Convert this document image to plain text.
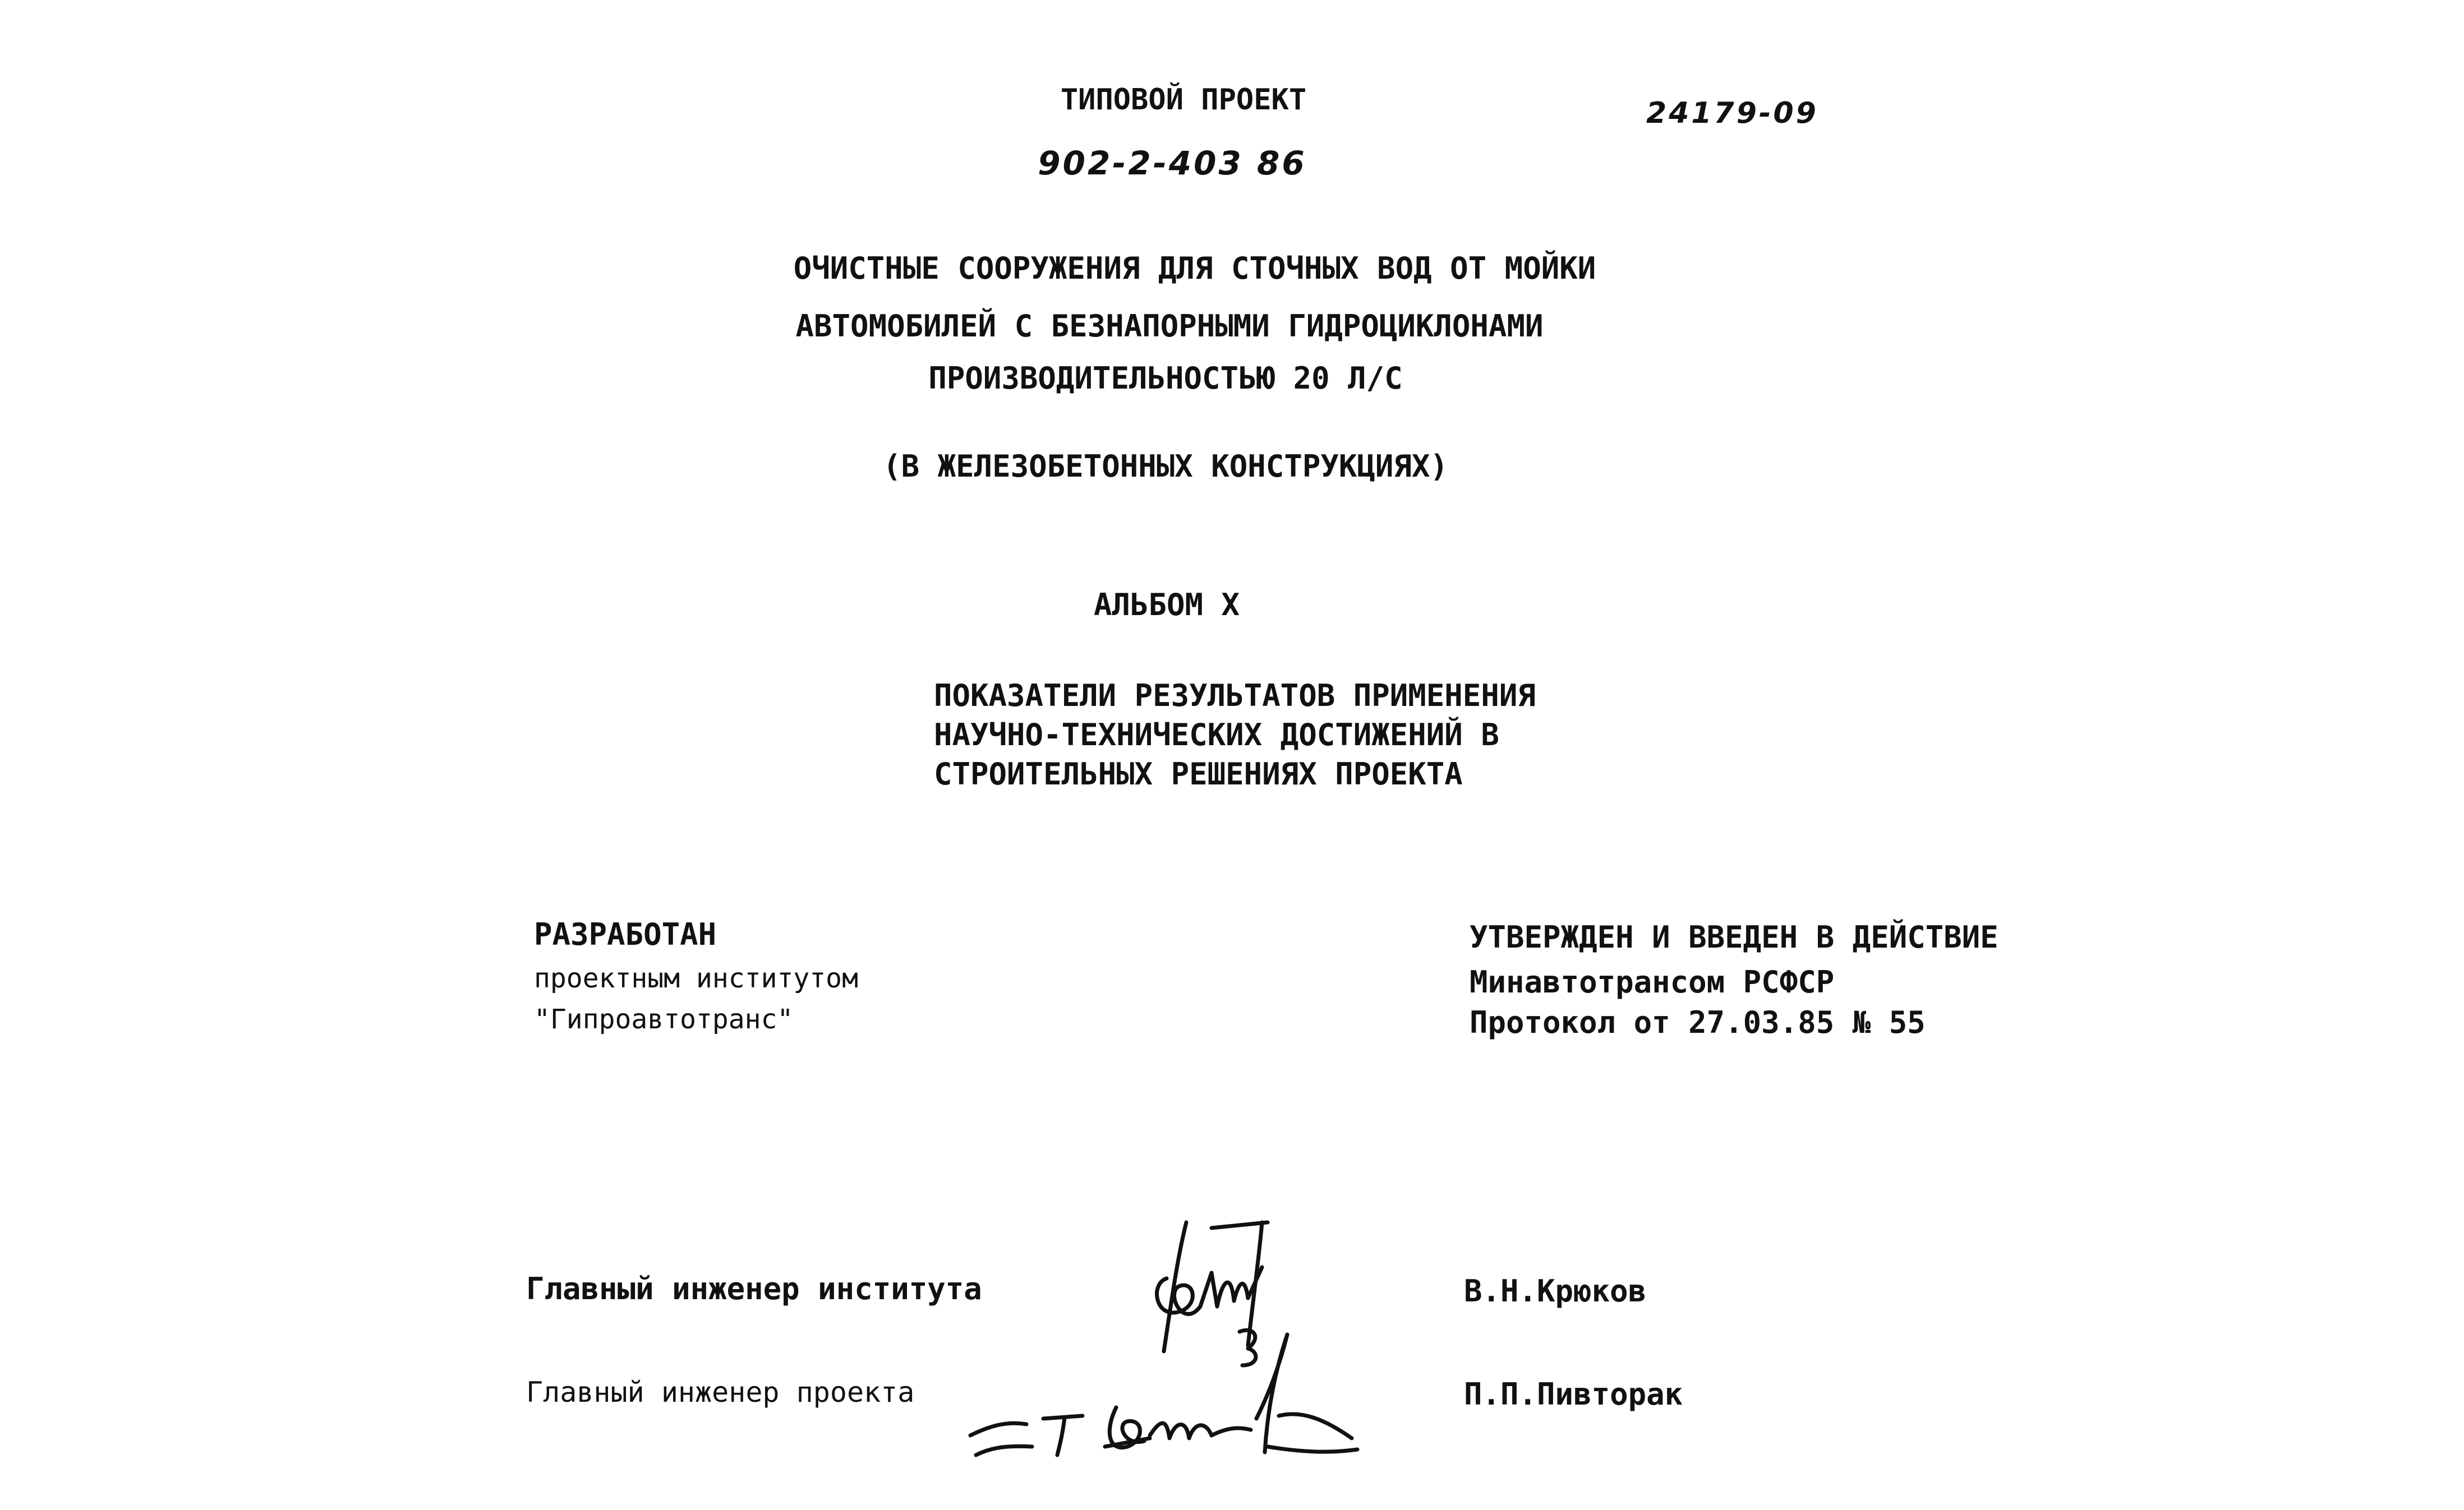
ТИПОВОЙ ПРОЕКТ
902-2-403 86
24179-09
ОЧИСТНЫЕ СООРУЖЕНИЯ ДЛЯ СТОЧНЫХ ВОД ОТ МОЙКИ
АВТОМОБИЛЕЙ С БЕЗНАПОРНЫМИ ГИДРОЦИКЛОНАМИ
ПРОИЗВОДИТЕЛЬНОСТЬЮ 20 Л/С
(В ЖЕЛЕЗОБЕТОННЫХ КОНСТРУКЦИЯХ)
АЛЬБОМ X
ПОКАЗАТЕЛИ РЕЗУЛЬТАТОВ ПРИМЕНЕНИЯ
НАУЧНО-ТЕХНИЧЕСКИХ ДОСТИЖЕНИЙ В
СТРОИТЕЛЬНЫХ РЕШЕНИЯХ ПРОЕКТА
РАЗРАБОТАН
проектным институтом
"Гипроавтотранс"
УТВЕРЖДЕН И ВВЕДЕН В ДЕЙСТВИЕ
Минавтотрансом РСФСР
Протокол от 27.03.85 № 55
Главный инженер института	В.Н.Крюков
Главный инженер проекта	П.П.Пивторак
